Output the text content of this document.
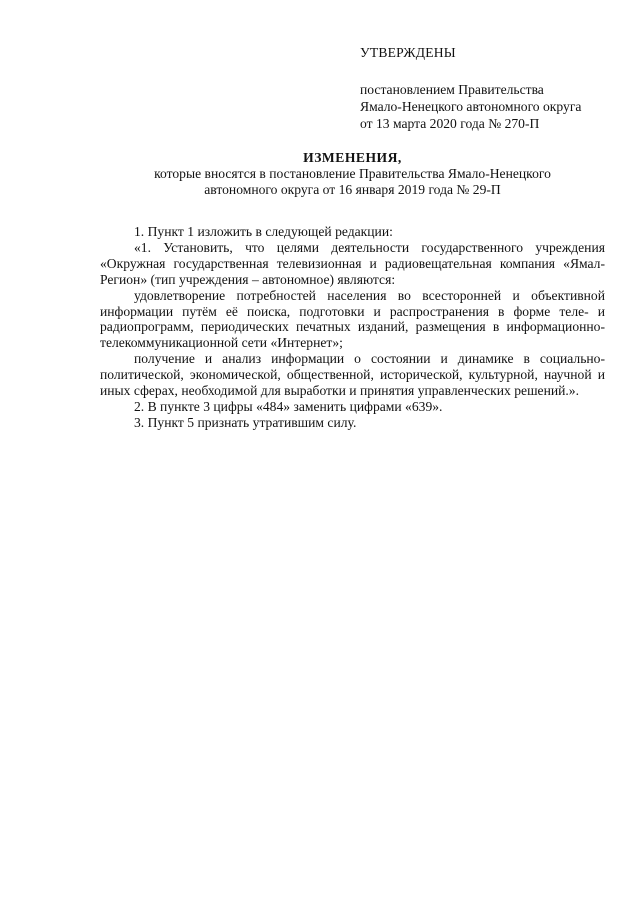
УТВЕРЖДЕНЫ

постановлением Правительства

Ямало-Ненецкого автономного округа

от 13 марта 2020 года № 270-П

ИЗМЕНЕНИЯ,

которые вносятся в постановление Правительства Ямало-Ненецкого

автономного округа от 16 января 2019 года № 29-П

1. Пункт 1 изложить в следующей редакции:

«1. Установить, что целями деятельности государственного учреждения «Окружная государственная телевизионная и радиовещательная компания «Ямал-Регион» (тип учреждения – автономное) являются:

удовлетворение потребностей населения во всесторонней и объективной информации путём её поиска, подготовки и распространения в форме теле- и радиопрограмм, периодических печатных изданий, размещения в информационно-телекоммуникационной сети «Интернет»;

получение и анализ информации о состоянии и динамике в социально-политической, экономической, общественной, исторической, культурной, научной и иных сферах, необходимой для выработки и принятия управленческих решений.».

2. В пункте 3 цифры «484» заменить цифрами «639».

3. Пункт 5 признать утратившим силу.
